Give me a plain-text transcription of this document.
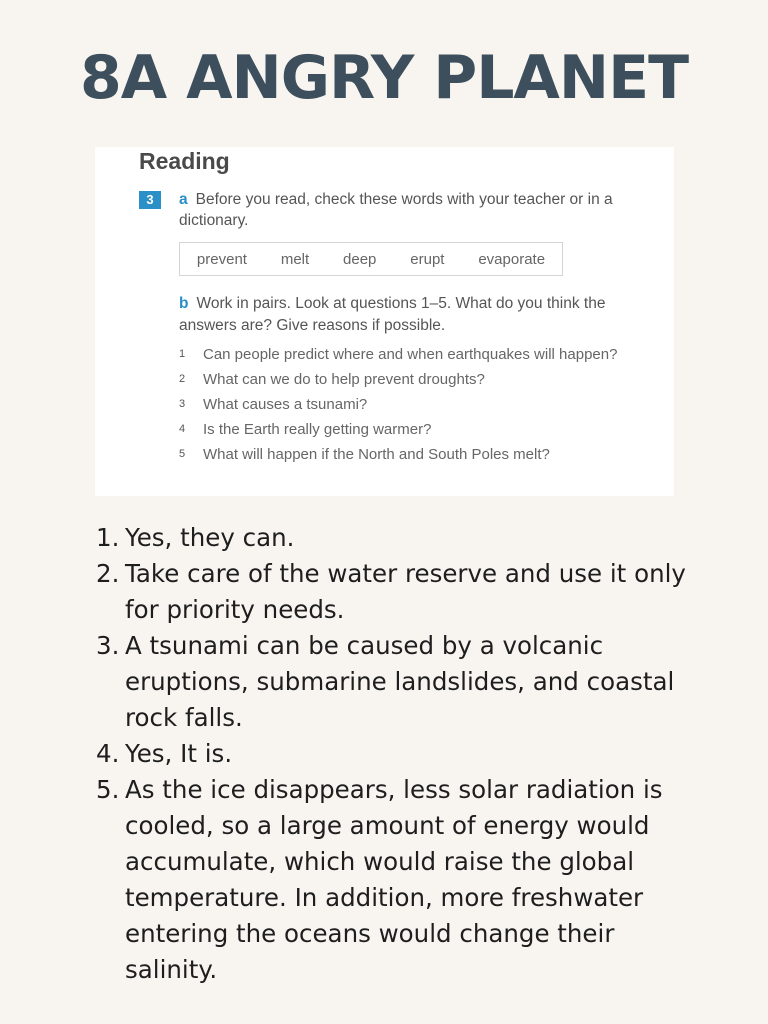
8A ANGRY PLANET
Reading
3	a Before you read, check these words with your teacher or in a dictionary.
prevent melt deep erupt evaporate
b Work in pairs. Look at questions 1–5. What do you think the answers are? Give reasons if possible.
1 Can people predict where and when earthquakes will happen?
2 What can we do to help prevent droughts?
3 What causes a tsunami?
4 Is the Earth really getting warmer?
5 What will happen if the North and South Poles melt?
1. Yes, they can.
2. Take care of the water reserve and use it only for priority needs.
3. A tsunami can be caused by a volcanic eruptions, submarine landslides, and coastal rock falls.
4. Yes, It is.
5. As the ice disappears, less solar radiation is cooled, so a large amount of energy would accumulate, which would raise the global temperature. In addition, more freshwater entering the oceans would change their salinity.
